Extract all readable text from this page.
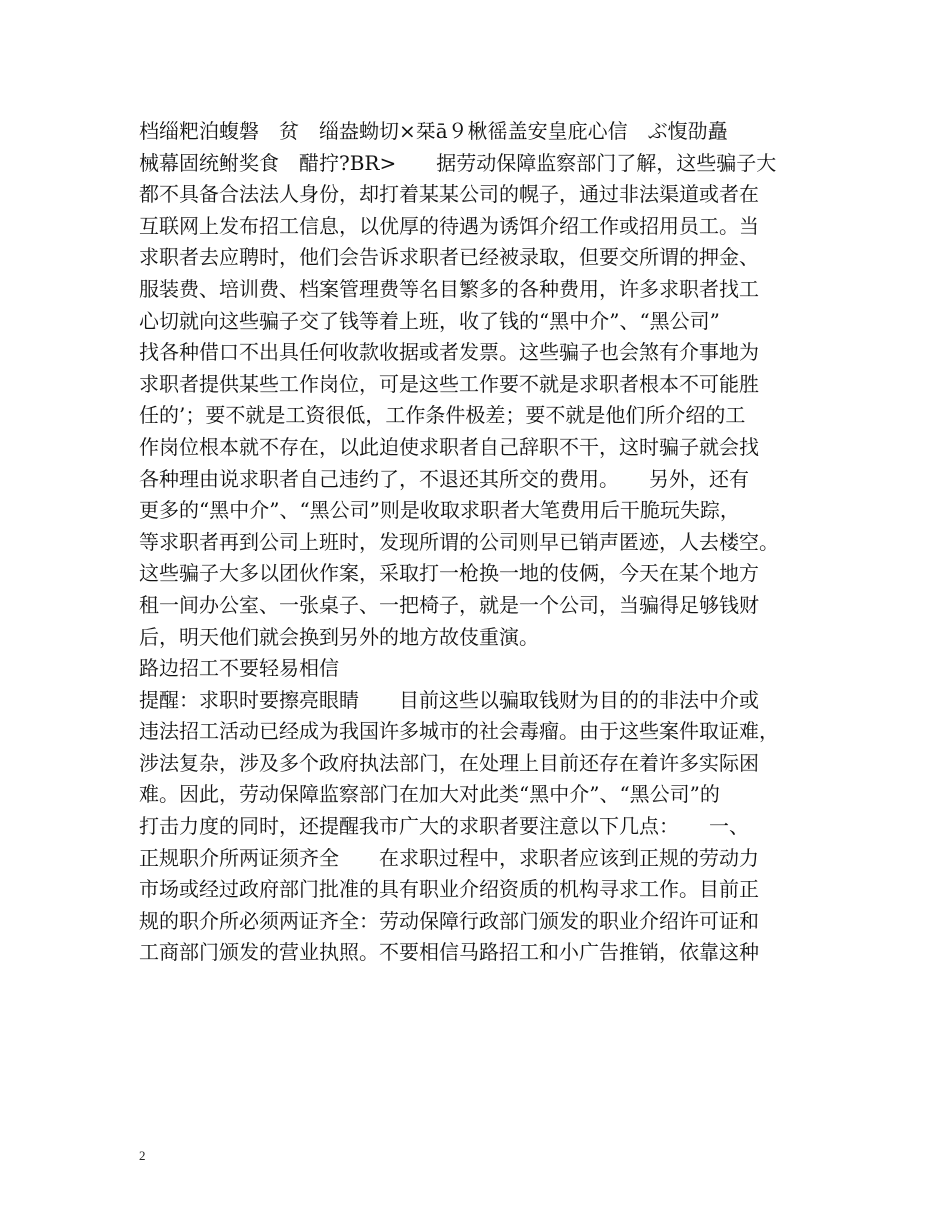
档缁粑泊蝮磐　贫　缁盎蚴切×栞ā９楸徭盖安皇庇心信　ぶ愎劭矗
械幕固统鲋奖食　醋拧?BR>　　据劳动保障监察部门了解，这些骗子大
都不具备合法法人身份，却打着某某公司的幌子，通过非法渠道或者在
互联网上发布招工信息，以优厚的待遇为诱饵介绍工作或招用员工。当
求职者去应聘时，他们会告诉求职者已经被录取，但要交所谓的押金、
服装费、培训费、档案管理费等名目繁多的各种费用，许多求职者找工
心切就向这些骗子交了钱等着上班，收了钱的“黑中介”、“黑公司”
找各种借口不出具任何收款收据或者发票。这些骗子也会煞有介事地为
求职者提供某些工作岗位，可是这些工作要不就是求职者根本不可能胜
任的’；要不就是工资很低，工作条件极差；要不就是他们所介绍的工
作岗位根本就不存在，以此迫使求职者自己辞职不干，这时骗子就会找
各种理由说求职者自己违约了，不退还其所交的费用。　　另外，还有
更多的“黑中介”、“黑公司”则是收取求职者大笔费用后干脆玩失踪，
等求职者再到公司上班时，发现所谓的公司则早已销声匿迹，人去楼空。
这些骗子大多以团伙作案，采取打一枪换一地的伎俩，今天在某个地方
租一间办公室、一张桌子、一把椅子，就是一个公司，当骗得足够钱财
后，明天他们就会换到另外的地方故伎重演。
路边招工不要轻易相信
提醒：求职时要擦亮眼睛　　目前这些以骗取钱财为目的的非法中介或
违法招工活动已经成为我国许多城市的社会毒瘤。由于这些案件取证难，
涉法复杂，涉及多个政府执法部门，在处理上目前还存在着许多实际困
难。因此，劳动保障监察部门在加大对此类“黑中介”、“黑公司”的
打击力度的同时，还提醒我市广大的求职者要注意以下几点：　　一、
正规职介所两证须齐全　　在求职过程中，求职者应该到正规的劳动力
市场或经过政府部门批准的具有职业介绍资质的机构寻求工作。目前正
规的职介所必须两证齐全：劳动保障行政部门颁发的职业介绍许可证和
工商部门颁发的营业执照。不要相信马路招工和小广告推销，依靠这种
2
